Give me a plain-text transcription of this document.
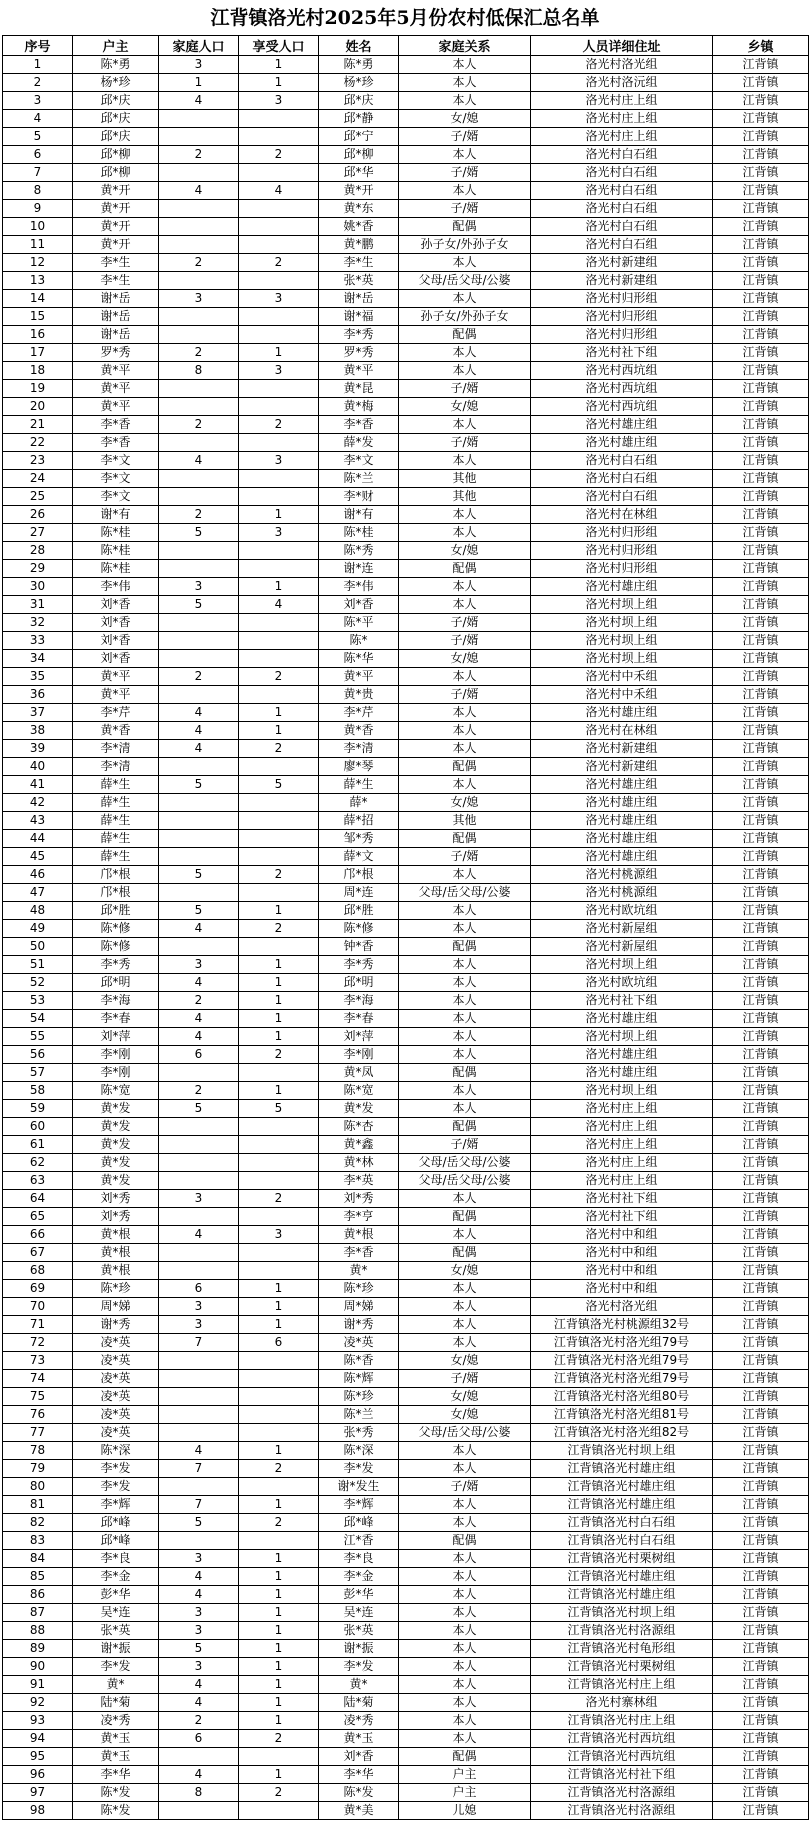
江背镇洛光村2025年5月份农村低保汇总名单
序号	户主	家庭人口	享受人口	姓名	家庭关系	人员详细住址	乡镇
1	陈*勇	3	1	陈*勇	本人	洛光村洛光组	江背镇
2	杨*珍	1	1	杨*珍	本人	洛光村洛沅组	江背镇
3	邱*庆	4	3	邱*庆	本人	洛光村庄上组	江背镇
4	邱*庆			邱*静	女/媳	洛光村庄上组	江背镇
5	邱*庆			邱*宁	子/婿	洛光村庄上组	江背镇
6	邱*柳	2	2	邱*柳	本人	洛光村白石组	江背镇
7	邱*柳			邱*华	子/婿	洛光村白石组	江背镇
8	黄*开	4	4	黄*开	本人	洛光村白石组	江背镇
9	黄*开			黄*东	子/婿	洛光村白石组	江背镇
10	黄*开			姚*香	配偶	洛光村白石组	江背镇
11	黄*开			黄*鹏	孙子女/外孙子女	洛光村白石组	江背镇
12	李*生	2	2	李*生	本人	洛光村新建组	江背镇
13	李*生			张*英	父母/岳父母/公婆	洛光村新建组	江背镇
14	谢*岳	3	3	谢*岳	本人	洛光村归形组	江背镇
15	谢*岳			谢*福	孙子女/外孙子女	洛光村归形组	江背镇
16	谢*岳			李*秀	配偶	洛光村归形组	江背镇
17	罗*秀	2	1	罗*秀	本人	洛光村社下组	江背镇
18	黄*平	8	3	黄*平	本人	洛光村西坑组	江背镇
19	黄*平			黄*昆	子/婿	洛光村西坑组	江背镇
20	黄*平			黄*梅	女/媳	洛光村西坑组	江背镇
21	李*香	2	2	李*香	本人	洛光村雄庄组	江背镇
22	李*香			薛*发	子/婿	洛光村雄庄组	江背镇
23	李*文	4	3	李*文	本人	洛光村白石组	江背镇
24	李*文			陈*兰	其他	洛光村白石组	江背镇
25	李*文			李*财	其他	洛光村白石组	江背镇
26	谢*有	2	1	谢*有	本人	洛光村在林组	江背镇
27	陈*桂	5	3	陈*桂	本人	洛光村归形组	江背镇
28	陈*桂			陈*秀	女/媳	洛光村归形组	江背镇
29	陈*桂			谢*连	配偶	洛光村归形组	江背镇
30	李*伟	3	1	李*伟	本人	洛光村雄庄组	江背镇
31	刘*香	5	4	刘*香	本人	洛光村坝上组	江背镇
32	刘*香			陈*平	子/婿	洛光村坝上组	江背镇
33	刘*香			陈*	子/婿	洛光村坝上组	江背镇
34	刘*香			陈*华	女/媳	洛光村坝上组	江背镇
35	黄*平	2	2	黄*平	本人	洛光村中禾组	江背镇
36	黄*平			黄*贵	子/婿	洛光村中禾组	江背镇
37	李*芹	4	1	李*芹	本人	洛光村雄庄组	江背镇
38	黄*香	4	1	黄*香	本人	洛光村在林组	江背镇
39	李*清	4	2	李*清	本人	洛光村新建组	江背镇
40	李*清			廖*琴	配偶	洛光村新建组	江背镇
41	薛*生	5	5	薛*生	本人	洛光村雄庄组	江背镇
42	薛*生			薛*	女/媳	洛光村雄庄组	江背镇
43	薛*生			薛*招	其他	洛光村雄庄组	江背镇
44	薛*生			邹*秀	配偶	洛光村雄庄组	江背镇
45	薛*生			薛*文	子/婿	洛光村雄庄组	江背镇
46	邝*根	5	2	邝*根	本人	洛光村桃源组	江背镇
47	邝*根			周*连	父母/岳父母/公婆	洛光村桃源组	江背镇
48	邱*胜	5	1	邱*胜	本人	洛光村欧坑组	江背镇
49	陈*修	4	2	陈*修	本人	洛光村新屋组	江背镇
50	陈*修			钟*香	配偶	洛光村新屋组	江背镇
51	李*秀	3	1	李*秀	本人	洛光村坝上组	江背镇
52	邱*明	4	1	邱*明	本人	洛光村欧坑组	江背镇
53	李*海	2	1	李*海	本人	洛光村社下组	江背镇
54	李*春	4	1	李*春	本人	洛光村雄庄组	江背镇
55	刘*萍	4	1	刘*萍	本人	洛光村坝上组	江背镇
56	李*刚	6	2	李*刚	本人	洛光村雄庄组	江背镇
57	李*刚			黄*凤	配偶	洛光村雄庄组	江背镇
58	陈*宽	2	1	陈*宽	本人	洛光村坝上组	江背镇
59	黄*发	5	5	黄*发	本人	洛光村庄上组	江背镇
60	黄*发			陈*杏	配偶	洛光村庄上组	江背镇
61	黄*发			黄*鑫	子/婿	洛光村庄上组	江背镇
62	黄*发			黄*林	父母/岳父母/公婆	洛光村庄上组	江背镇
63	黄*发			李*英	父母/岳父母/公婆	洛光村庄上组	江背镇
64	刘*秀	3	2	刘*秀	本人	洛光村社下组	江背镇
65	刘*秀			李*亨	配偶	洛光村社下组	江背镇
66	黄*根	4	3	黄*根	本人	洛光村中和组	江背镇
67	黄*根			李*香	配偶	洛光村中和组	江背镇
68	黄*根			黄*	女/媳	洛光村中和组	江背镇
69	陈*珍	6	1	陈*珍	本人	洛光村中和组	江背镇
70	周*娣	3	1	周*娣	本人	洛光村洛光组	江背镇
71	谢*秀	3	1	谢*秀	本人	江背镇洛光村桃源组32号	江背镇
72	凌*英	7	6	凌*英	本人	江背镇洛光村洛光组79号	江背镇
73	凌*英			陈*香	女/媳	江背镇洛光村洛光组79号	江背镇
74	凌*英			陈*辉	子/婿	江背镇洛光村洛光组79号	江背镇
75	凌*英			陈*珍	女/媳	江背镇洛光村洛光组80号	江背镇
76	凌*英			陈*兰	女/媳	江背镇洛光村洛光组81号	江背镇
77	凌*英			张*秀	父母/岳父母/公婆	江背镇洛光村洛光组82号	江背镇
78	陈*深	4	1	陈*深	本人	江背镇洛光村坝上组	江背镇
79	李*发	7	2	李*发	本人	江背镇洛光村雄庄组	江背镇
80	李*发			谢*发生	子/婿	江背镇洛光村雄庄组	江背镇
81	李*辉	7	1	李*辉	本人	江背镇洛光村雄庄组	江背镇
82	邱*峰	5	2	邱*峰	本人	江背镇洛光村白石组	江背镇
83	邱*峰			江*香	配偶	江背镇洛光村白石组	江背镇
84	李*良	3	1	李*良	本人	江背镇洛光村栗树组	江背镇
85	李*金	4	1	李*金	本人	江背镇洛光村雄庄组	江背镇
86	彭*华	4	1	彭*华	本人	江背镇洛光村雄庄组	江背镇
87	吴*连	3	1	吴*连	本人	江背镇洛光村坝上组	江背镇
88	张*英	3	1	张*英	本人	江背镇洛光村洛源组	江背镇
89	谢*振	5	1	谢*振	本人	江背镇洛光村龟形组	江背镇
90	李*发	3	1	李*发	本人	江背镇洛光村栗树组	江背镇
91	黄*	4	1	黄*	本人	江背镇洛光村庄上组	江背镇
92	陆*菊	4	1	陆*菊	本人	洛光村寨林组	江背镇
93	凌*秀	2	1	凌*秀	本人	江背镇洛光村庄上组	江背镇
94	黄*玉	6	2	黄*玉	本人	江背镇洛光村西坑组	江背镇
95	黄*玉			刘*香	配偶	江背镇洛光村西坑组	江背镇
96	李*华	4	1	李*华	户主	江背镇洛光村社下组	江背镇
97	陈*发	8	2	陈*发	户主	江背镇洛光村洛源组	江背镇
98	陈*发			黄*美	儿媳	江背镇洛光村洛源组	江背镇
